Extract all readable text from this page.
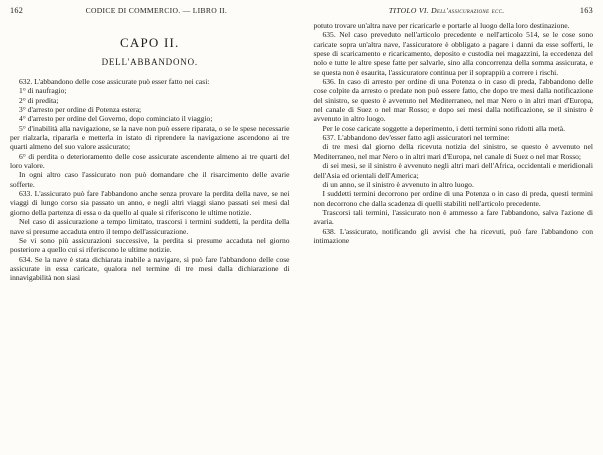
162	CODICE DI COMMERCIO. — LIBRO II.
CAPO II.
DELL'ABBANDONO.

632. L'abbandono delle cose assicurate può esser fatto nei casi:

1° di naufragio;

2° di predita;

3° d'arresto per ordine di Potenza estera;

4° d'arresto per ordine del Governo, dopo cominciato il viaggio;

5° d'inabilità alla navigazione, se la nave non può essere riparata, o se le spese necessarie per rialzarla, ripararla e metterla in istato di riprendere la navigazione ascendono ai tre quarti almeno del suo valore assicurato;

6° di perdita o deterioramento delle cose assicurate ascendente almeno ai tre quarti del loro valore.

In ogni altro caso l'assicurato non può domandare che il risarcimento delle avarie sofferte.

633. L'assicurato può fare l'abbandono anche senza provare la perdita della nave, se nei viaggi di lungo corso sia passato un anno, e negli altri viaggi siano passati sei mesi dal giorno della partenza di essa o da quello al quale si riferiscono le ultime notizie.

Nel caso di assicurazione a tempo limitato, trascorsi i termini suddetti, la perdita della nave si presume accaduta entro il tempo dell'assicurazione.

Se vi sono più assicurazioni successive, la perdita si presume accaduta nel giorno posteriore a quello cui si riferiscono le ultime notizie.

634. Se la nave è stata dichiarata inabile a navigare, si può fare l'abbandono delle cose assicurate in essa caricate, qualora nel termine di tre mesi dalla dichiarazione di innavigabilità non siasi

163
TITOLO VI. Dell'assicurazione ecc.

potuto trovare un'altra nave per ricaricarle e portarle al luogo della loro destinazione.

635. Nel caso preveduto nell'articolo precedente e nell'articolo 514, se le cose sono caricate sopra un'altra nave, l'assicuratore è obbligato a pagare i danni da esse sofferti, le spese di scaricamento e ricaricamento, deposito e custodia nei magazzini, la eccedenza del nolo e tutte le altre spese fatte per salvarle, sino alla concorrenza della somma assicurata, e se questa non è esaurita, l'assicuratore continua per il soprappiù a correre i rischi.

636. In caso di arresto per ordine di una Potenza o in caso di preda, l'abbandono delle cose colpite da arresto o predate non può essere fatto, che dopo tre mesi dalla notificazione del sinistro, se questo è avvenuto nel Mediterraneo, nel mar Nero o in altri mari d'Europa, nel canale di Suez o nel mar Rosso; e dopo sei mesi dalla notificazione, se il sinistro è avvenuto in altro luogo.

Per le cose caricate soggette a deperimento, i detti termini sono ridotti alla metà.

637. L'abbandono dev'esser fatto agli assicuratori nel termine:

di tre mesi dal giorno della ricevuta notizia del sinistro, se questo è avvenuto nel Mediterraneo, nel mar Nero o in altri mari d'Europa, nel canale di Suez o nel mar Rosso;

di sei mesi, se il sinistro è avvenuto negli altri mari dell'Africa, occidentali e meridionali dell'Asia ed orientali dell'America;

di un anno, se il sinistro è avvenuto in altro luogo.

I suddetti termini decorrono per ordine di una Potenza o in caso di preda, questi termini non decorrono che dalla scadenza di quelli stabiliti nell'articolo precedente.

Trascorsi tali termini, l'assicurato non è ammesso a fare l'abbandono, salva l'azione di avaria.

638. L'assicurato, notificando gli avvisi che ha ricevuti, può fare l'abbandono con intimazione
